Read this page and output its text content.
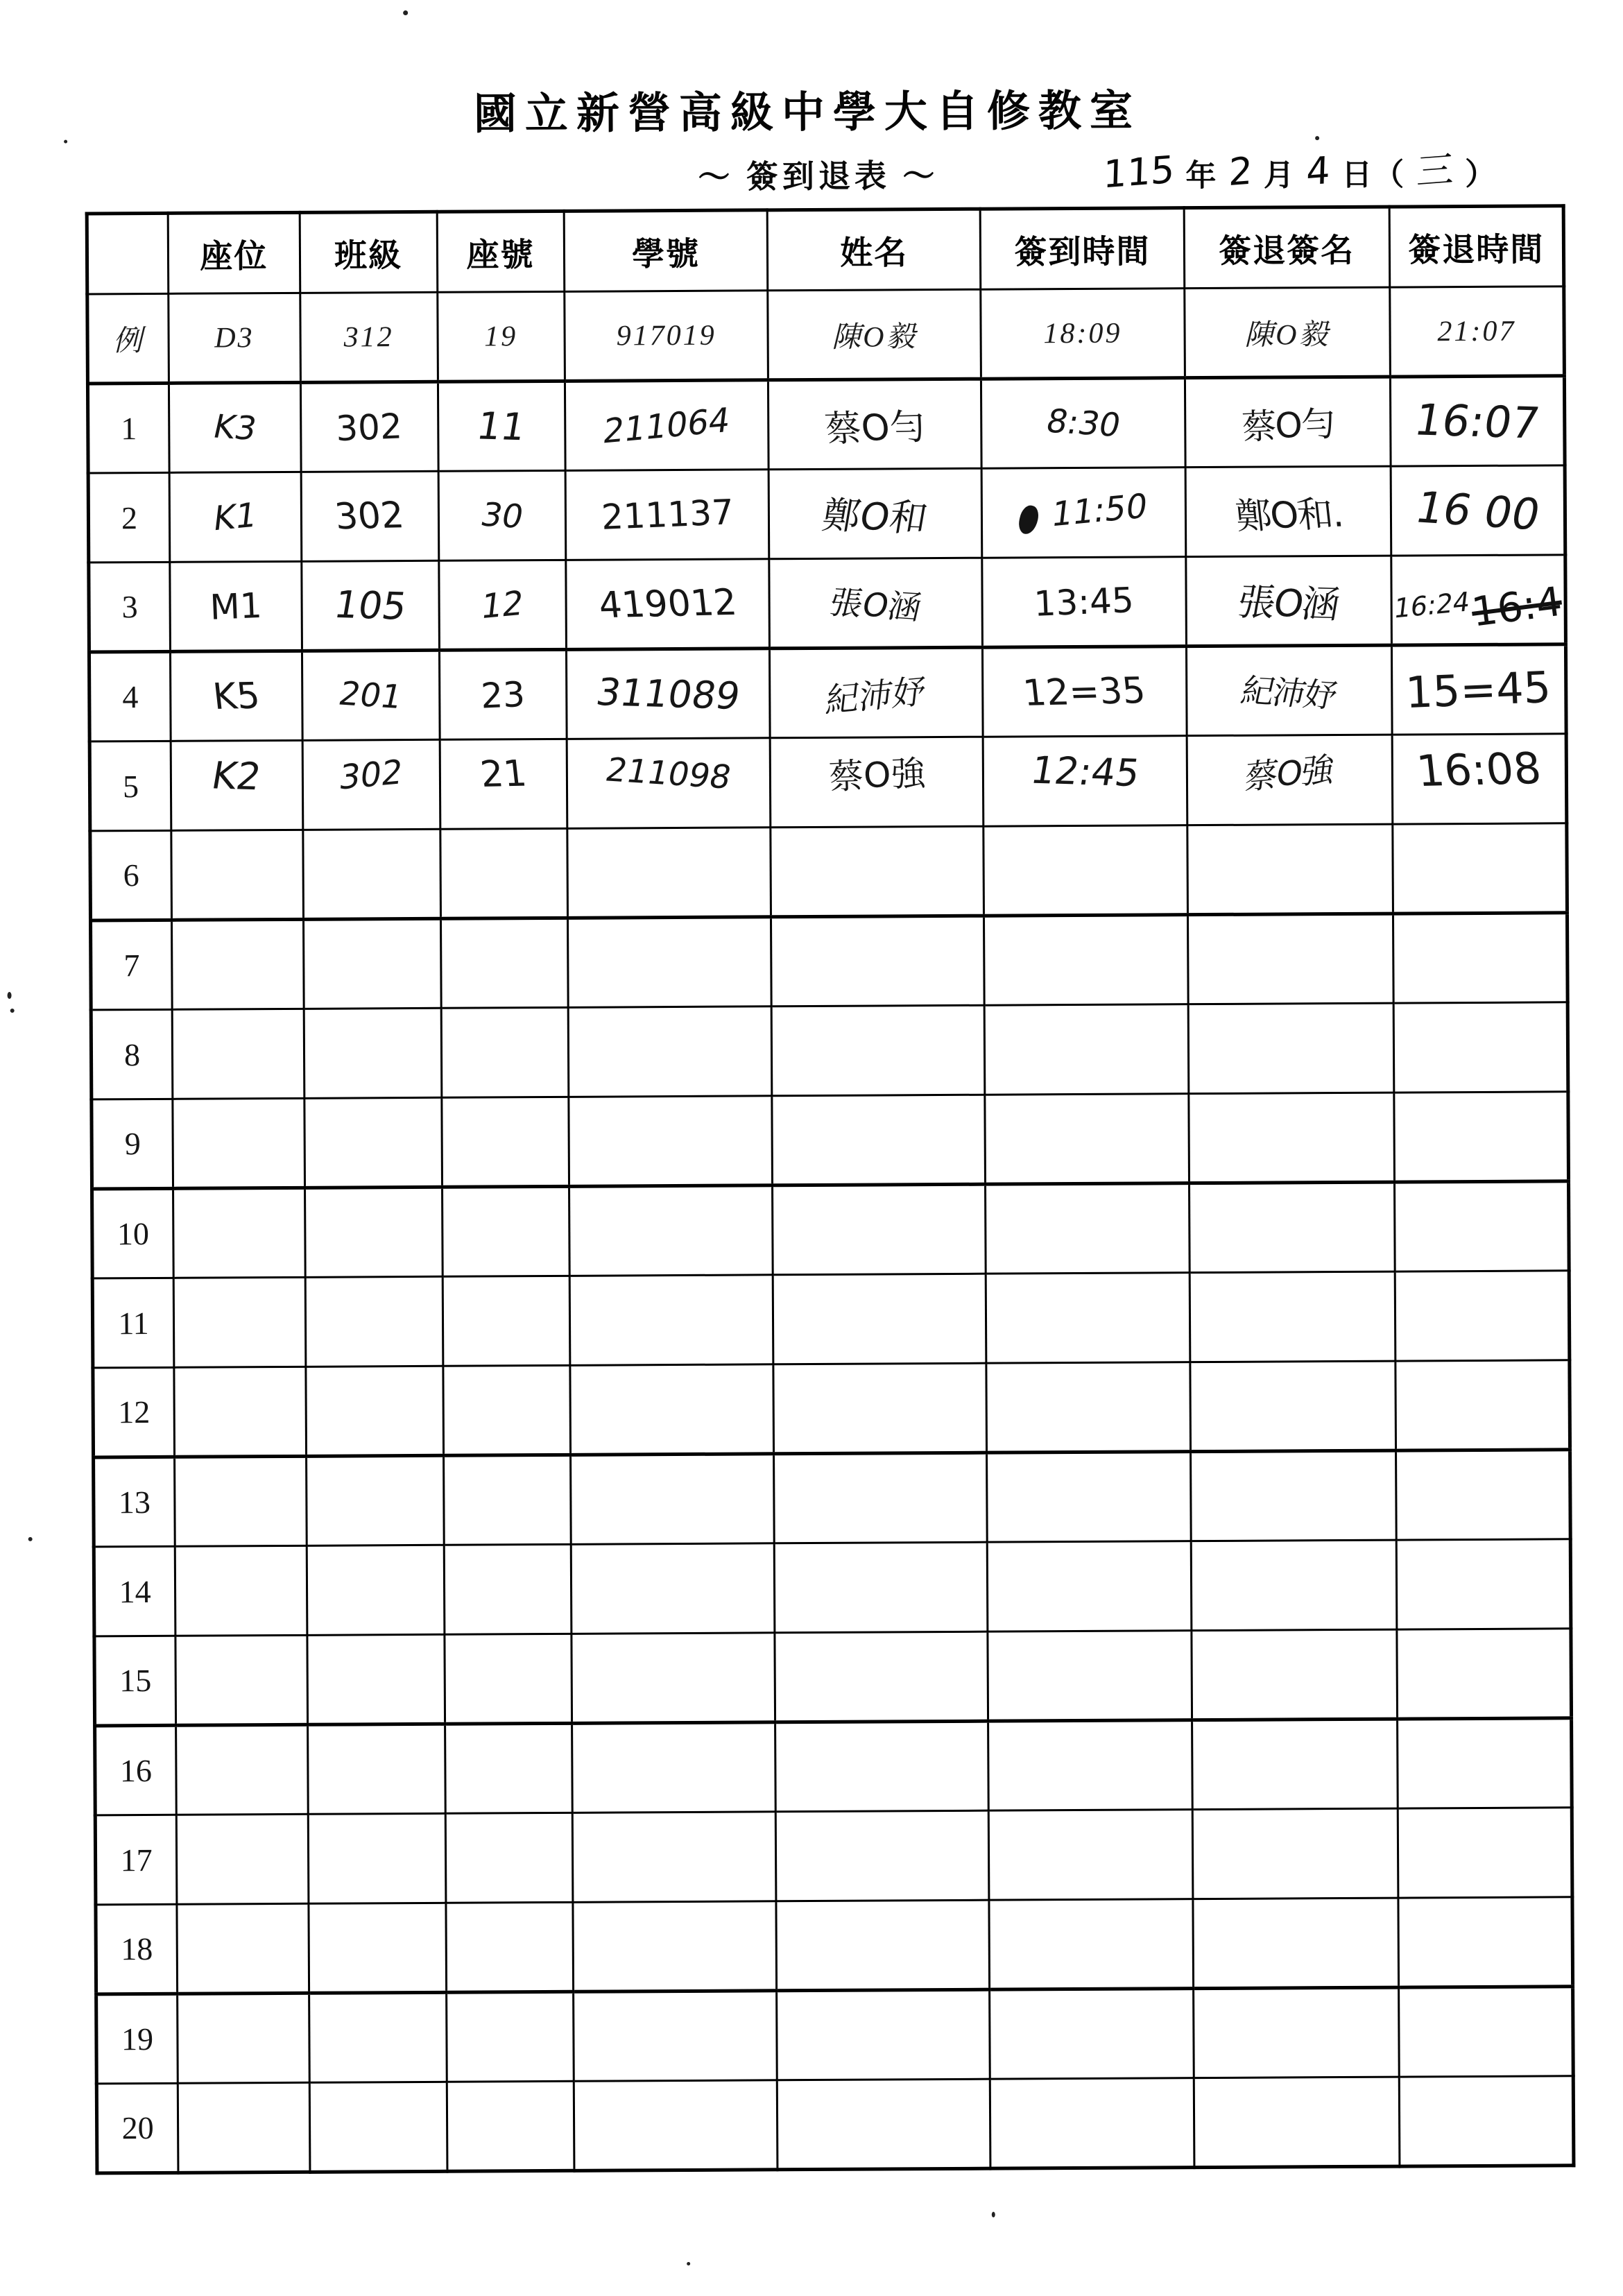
國立新營高級中學大自修教室
～ 簽到退表 ～	115 年 2 月 4 日（ 三 ）
	座位	班級	座號	學號	姓名	簽到時間	簽退簽名	簽退時間
例	D3	312	19	917019	陳O毅	18:09	陳O毅	21:07
1	K3	302	11	211064	蔡O勻	8:30	蔡O勻	16:07
2	K1	302	30	211137	鄭O和	11:50	鄭O和.	16 00
3	M1	105	12	419012	張O涵	13:45	張O涵	16:2416:4
4	K5	201	23	311089	紀沛妤	12=35	紀沛妤	15=45
5	K2	302	21	211098	蔡O強	12:45	蔡O強	16:08
6								
7								
8								
9								
10								
11								
12								
13								
14								
15								
16								
17								
18								
19								
20								
